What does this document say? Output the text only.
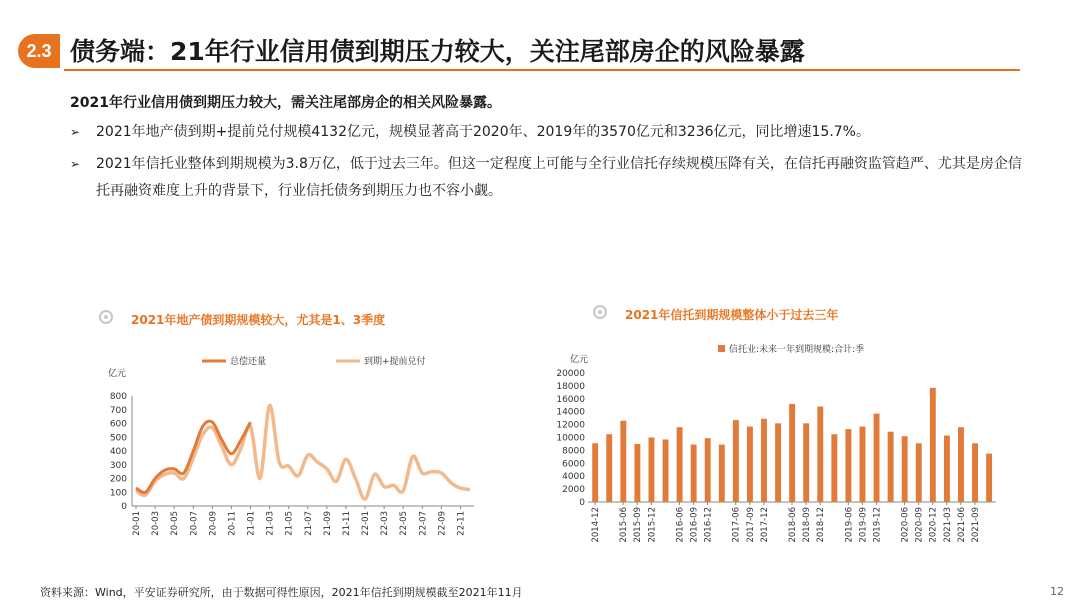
2.3 债务端：21年行业信用债到期压力较大，关注尾部房企的风险暴露
2021年行业信用债到期压力较大，需关注尾部房企的相关风险暴露。
➢ 2021年地产债到期+提前兑付规模4132亿元，规模显著高于2020年、2019年的3570亿元和3236亿元，同比增速15.7%。
➢ 2021年信托业整体到期规模为3.8万亿，低于过去三年。但这一定程度上可能与全行业信托存续规模压降有关，在信托再融资监管趋严、尤其是房企信托再融资难度上升的背景下，行业信托债务到期压力也不容小觑。
2021年地产债到期规模较大，尤其是1、3季度	2021年信托到期规模整体小于过去三年
亿元
0
100
200
300
400
500
600
700
800
20-01 20-03 20-05 20-07 20-09 20-11 21-01 21-03 21-05 21-07 21-09 21-11 22-01 22-03 22-05 22-07 22-09 22-11
总偿还量	到期+提前兑付	亿元
信托业:未来一年到期规模:合计:季
0
2000
4000
6000
8000
10000
12000
14000
16000
18000
20000
2014-12 2015-06 2015-09 2015-12 2016-06 2016-09 2016-12 2017-06 2017-09 2017-12 2018-06 2018-09 2018-12 2019-06 2019-09 2019-12 2020-06 2020-09 2020-12 2021-03 2021-06 2021-09
资料来源：Wind，平安证券研究所，由于数据可得性原因，2021年信托到期规模截至2021年11月	12
